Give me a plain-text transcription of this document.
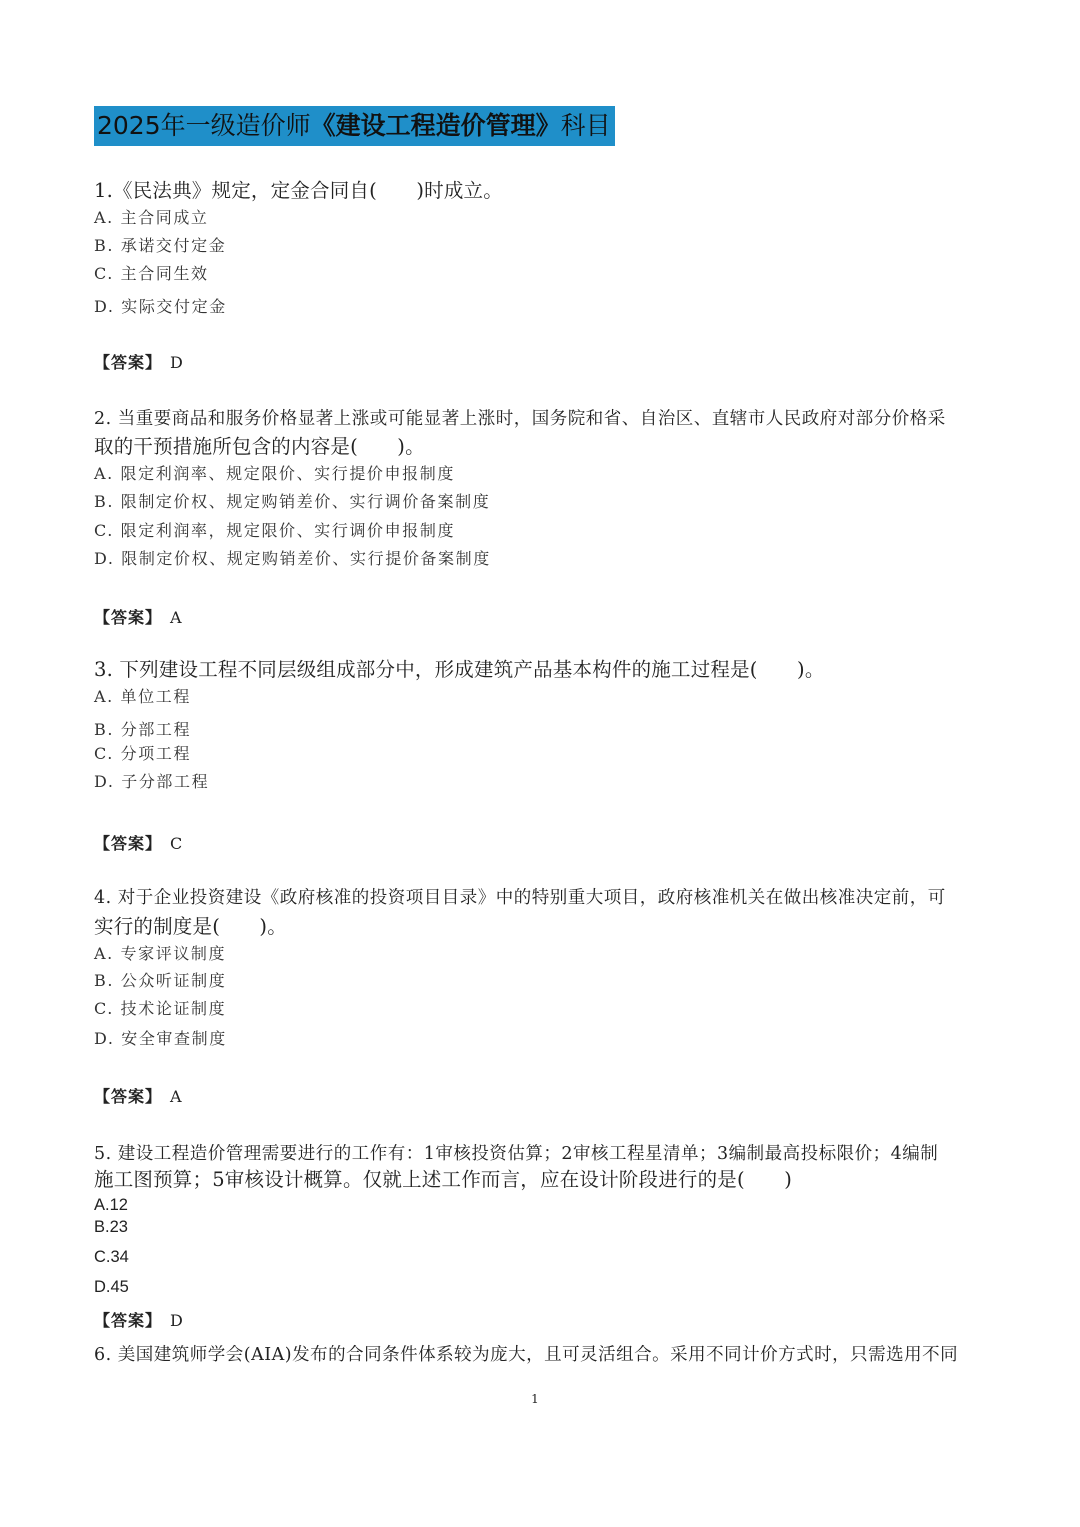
2025年一级造价师《建设工程造价管理》科目
1.《民法典》规定，定金合同自(　　)时成立。
A. 主合同成立
B. 承诺交付定金
C. 主合同生效
D. 实际交付定金
【答案】 D
2. 当重要商品和服务价格显著上涨或可能显著上涨时，国务院和省、自治区、直辖市人民政府对部分价格采
取的干预措施所包含的内容是(　　)。
A. 限定利润率、规定限价、实行提价申报制度
B. 限制定价权、规定购销差价、实行调价备案制度
C. 限定利润率，规定限价、实行调价申报制度
D. 限制定价权、规定购销差价、实行提价备案制度
【答案】 A
3. 下列建设工程不同层级组成部分中，形成建筑产品基本构件的施工过程是(　　)。
A. 单位工程
B. 分部工程
C. 分项工程
D. 子分部工程
【答案】 C
4. 对于企业投资建设《政府核准的投资项目目录》中的特别重大项目，政府核准机关在做出核准决定前，可
实行的制度是(　　)。
A. 专家评议制度
B. 公众听证制度
C. 技术论证制度
D. 安全审查制度
【答案】 A
5. 建设工程造价管理需要进行的工作有：1审核投资估算；2审核工程星清单；3编制最高投标限价；4编制
施工图预算；5审核设计概算。仅就上述工作而言，应在设计阶段进行的是(　　)
A.12
B.23
C.34
D.45
【答案】 D
6. 美国建筑师学会(AIA)发布的合同条件体系较为庞大，且可灵活组合。采用不同计价方式时，只需选用不同
1
